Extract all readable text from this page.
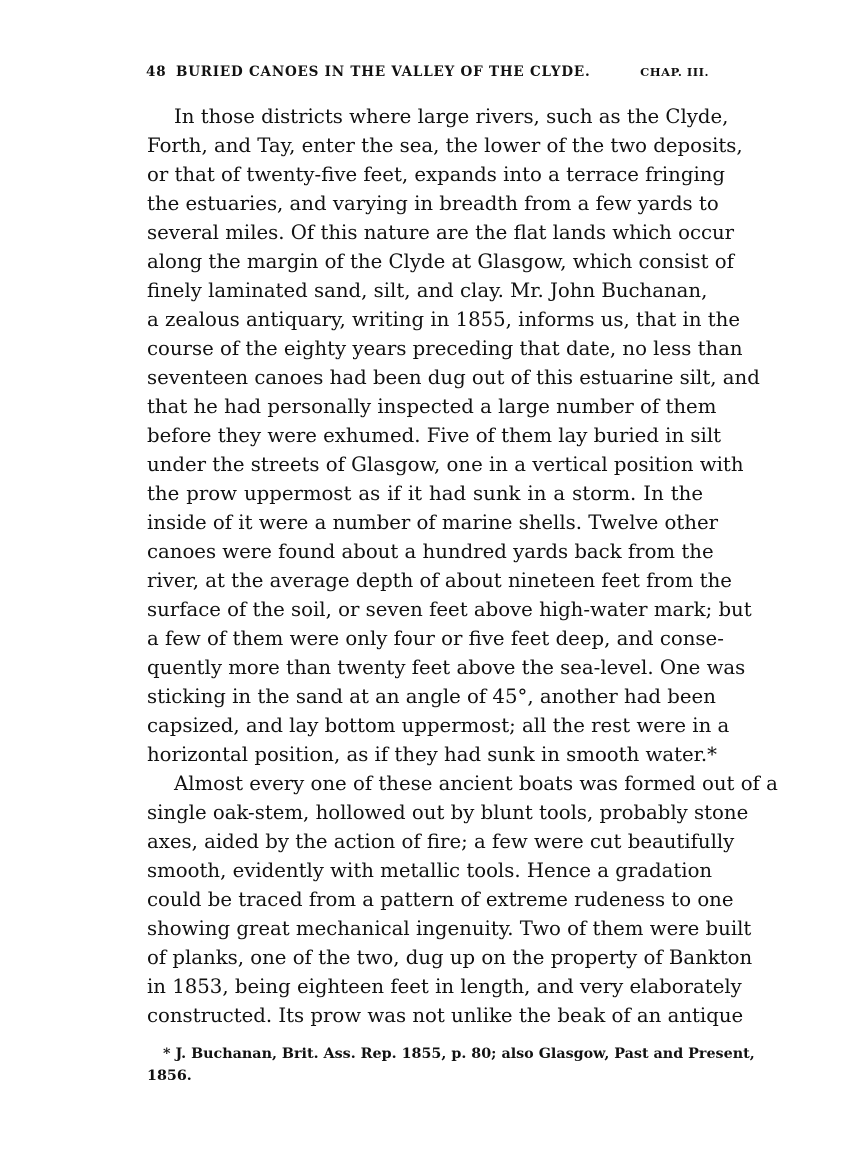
48 BURIED CANOES IN THE VALLEY OF THE CLYDE.	CHAP. III.
In those districts where large rivers, such as the Clyde,
Forth, and Tay, enter the sea, the lower of the two deposits,
or that of twenty-five feet, expands into a terrace fringing
the estuaries, and varying in breadth from a few yards to
several miles. Of this nature are the flat lands which occur
along the margin of the Clyde at Glasgow, which consist of
finely laminated sand, silt, and clay. Mr. John Buchanan,
a zealous antiquary, writing in 1855, informs us, that in the
course of the eighty years preceding that date, no less than
seventeen canoes had been dug out of this estuarine silt, and
that he had personally inspected a large number of them
before they were exhumed. Five of them lay buried in silt
under the streets of Glasgow, one in a vertical position with
the prow uppermost as if it had sunk in a storm. In the
inside of it were a number of marine shells. Twelve other
canoes were found about a hundred yards back from the
river, at the average depth of about nineteen feet from the
surface of the soil, or seven feet above high-water mark; but
a few of them were only four or five feet deep, and conse-
quently more than twenty feet above the sea-level. One was
sticking in the sand at an angle of 45°, another had been
capsized, and lay bottom uppermost; all the rest were in a
horizontal position, as if they had sunk in smooth water.*
Almost every one of these ancient boats was formed out of a
single oak-stem, hollowed out by blunt tools, probably stone
axes, aided by the action of fire; a few were cut beautifully
smooth, evidently with metallic tools. Hence a gradation
could be traced from a pattern of extreme rudeness to one
showing great mechanical ingenuity. Two of them were built
of planks, one of the two, dug up on the property of Bankton
in 1853, being eighteen feet in length, and very elaborately
constructed. Its prow was not unlike the beak of an antique
* J. Buchanan, Brit. Ass. Rep. 1855, p. 80; also Glasgow, Past and Present,
1856.
